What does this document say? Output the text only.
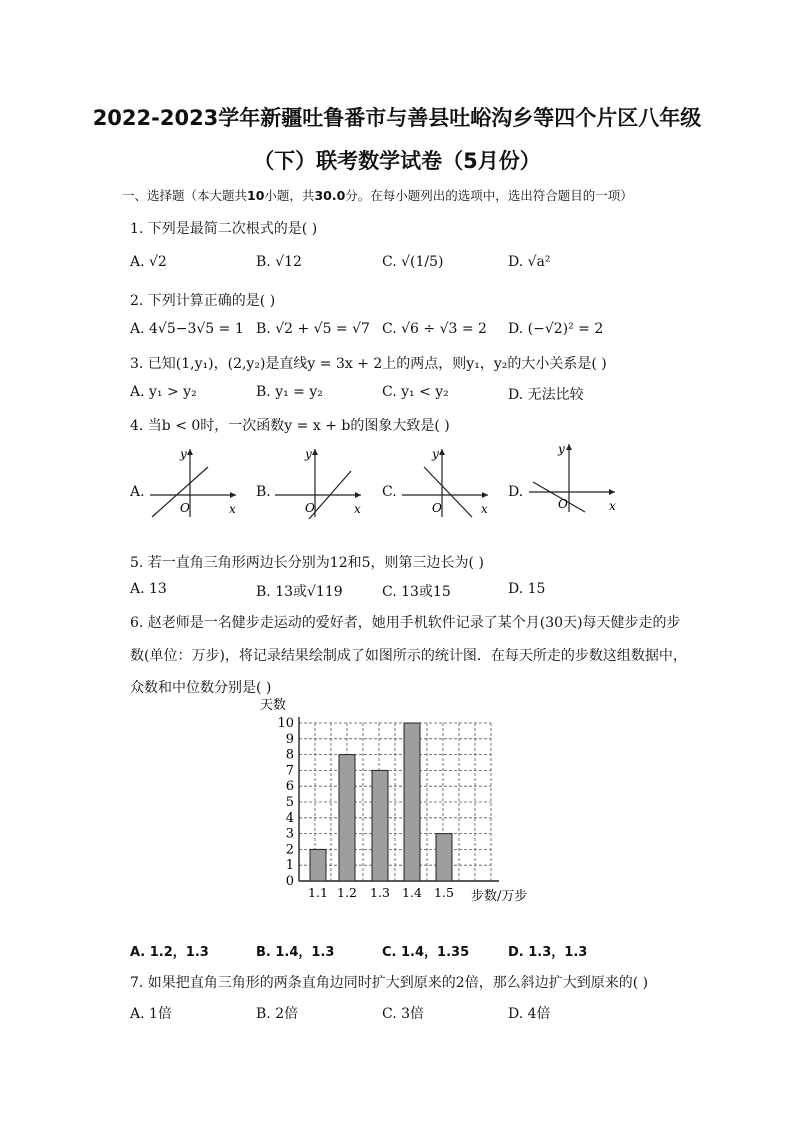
2022-2023学年新疆吐鲁番市与善县吐峪沟乡等四个片区八年级
（下）联考数学试卷（5月份）
一、选择题（本大题共10小题，共30.0分。在每小题列出的选项中，选出符合题目的一项）
1. 下列是最简二次根式的是( )
A. √2	B. √12	C. √(1/5)	D. √a²
2. 下列计算正确的是( )
A. 4√5−3√5 = 1 B. √2 + √5 = √7 C. √6 ÷ √3 = 2 D. (−√2)² = 2
3. 已知(1,y₁)，(2,y₂)是直线y = 3x + 2上的两点，则y₁，y₂的大小关系是( )
A. y₁ > y₂	B. y₁ = y₂	C. y₁ < y₂	D. 无法比较
4. 当b < 0时，一次函数y = x + b的图象大致是( )
A.
O	x
y
B.
O	x
y
C.
O	x
y
D.
O	x
y
5. 若一直角三角形两边长分别为12和5，则第三边长为( )
A. 13	B. 13或√119	C. 13或15	D. 15
6. 赵老师是一名健步走运动的爱好者，她用手机软件记录了某个月(30天)每天健步走的步
数(单位：万步)，将记录结果绘制成了如图所示的统计图．在每天所走的步数这组数据中，
众数和中位数分别是( )
0
1
2
3
4
5
6
7
8
9
10
1.1 1.2 1.3 1.4 1.5
天数
步数/万步
A. 1.2，1.3	B. 1.4，1.3	C. 1.4，1.35	D. 1.3，1.3
7. 如果把直角三角形的两条直角边同时扩大到原来的2倍，那么斜边扩大到原来的( )
A. 1倍	B. 2倍	C. 3倍	D. 4倍
